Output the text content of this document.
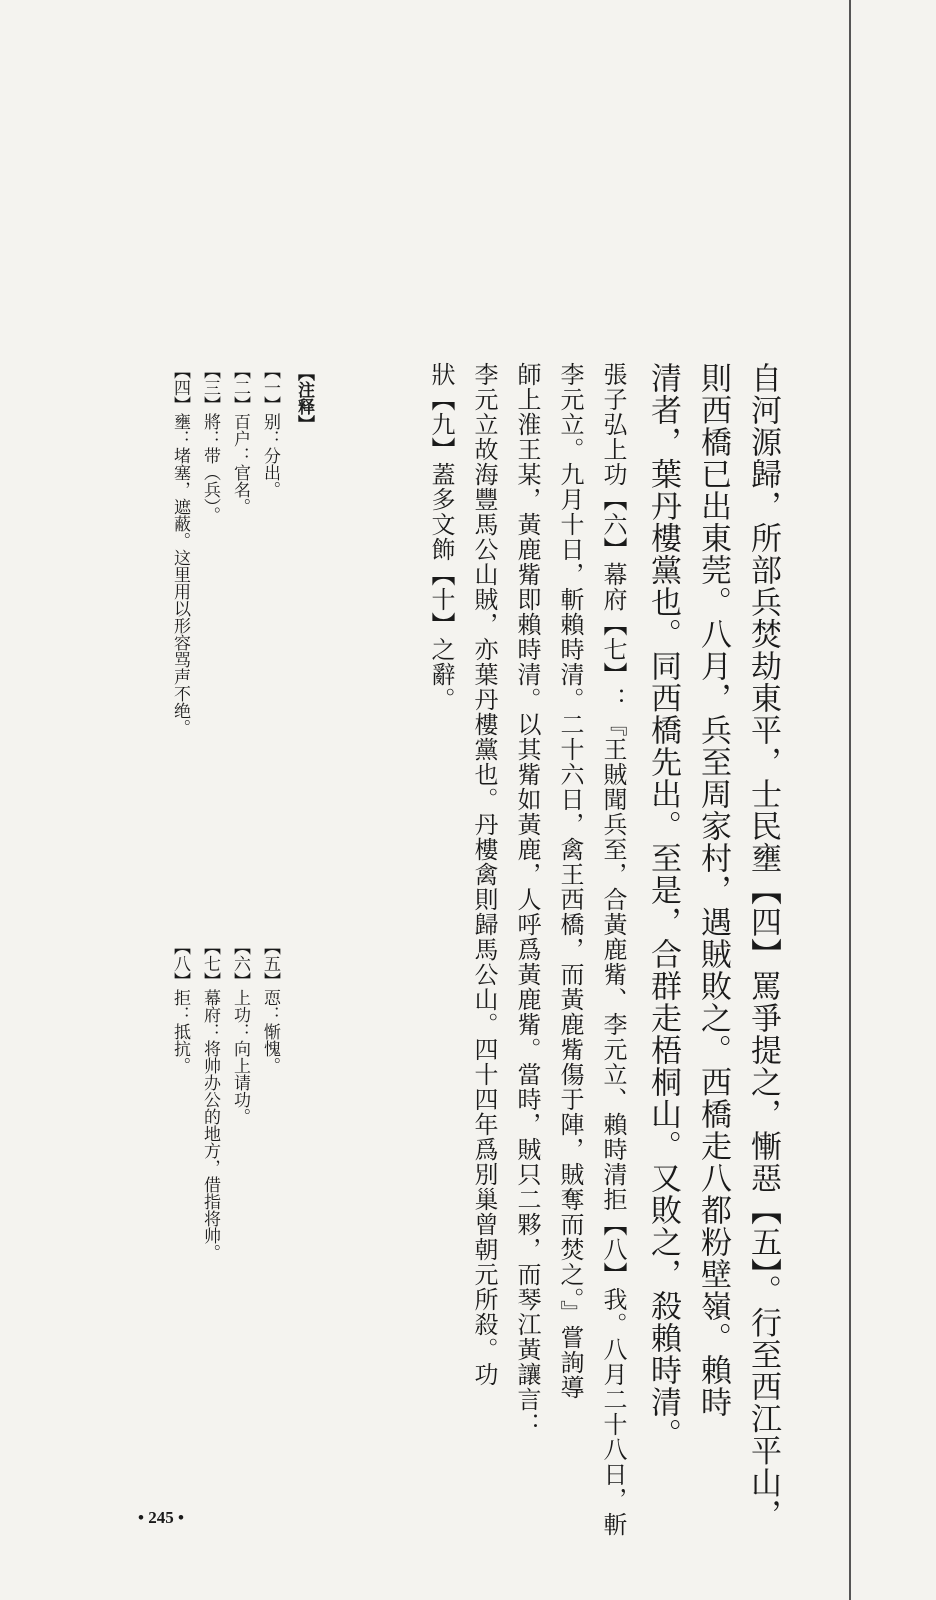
自河源歸，所部兵焚劫東平，士民壅【四】罵爭提之，慚惡【五】。行至西江平山，
則西橋已出東莞。八月，兵至周家村，遇賊敗之。西橋走八都粉壁嶺。賴時
清者，葉丹樓黨也。同西橋先出。至是，合群走梧桐山。又敗之，殺賴時清。
張子弘上功【六】幕府【七】：『王賊聞兵至，合黃鹿觜、李元立、賴時清拒【八】我。八月二十八日，斬
李元立。九月十日，斬賴時清。二十六日，禽王西橋，而黃鹿觜傷于陣，賊奪而焚之。』嘗詢導
師上淮王某，黃鹿觜即賴時清。以其觜如黃鹿，人呼爲黃鹿觜。當時，賊只二夥，而琴江黃讓言：
李元立故海豐馬公山賊，亦葉丹樓黨也。丹樓禽則歸馬公山。四十四年爲別巢曾朝元所殺。功
狀【九】蓋多文飾【十】之辭。
【注释】
【一】别：分出。
【二】百户：官名。
【三】將：带（兵）。
【四】壅：堵塞，遮蔽。这里用以形容骂声不绝。
【五】恧：惭愧。
【六】上功：向上请功。
【七】幕府：将帅办公的地方，借指将帅。
【八】拒：抵抗。
• 245 •
